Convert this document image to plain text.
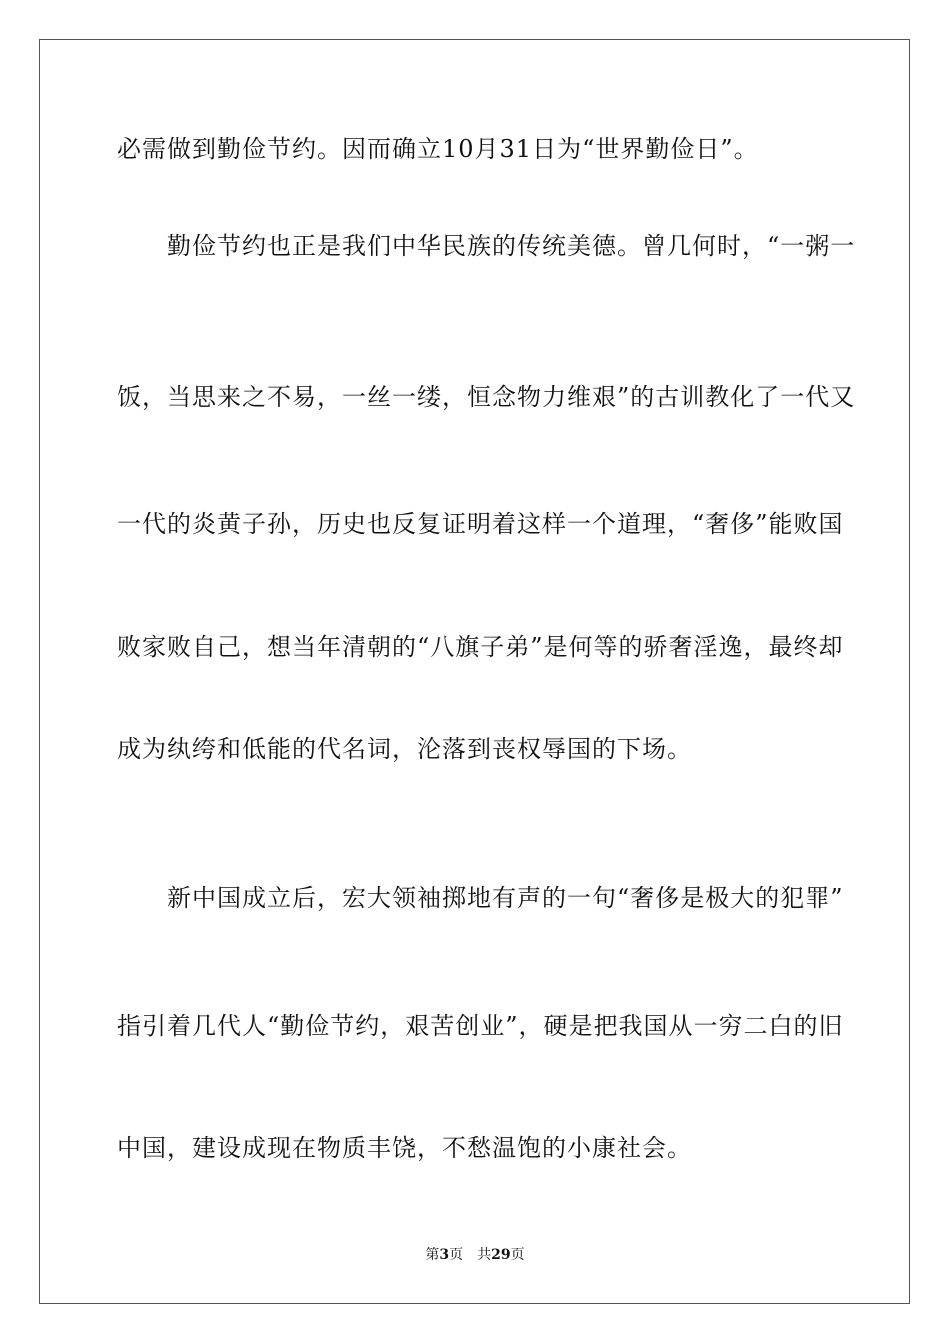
必需做到勤俭节约。因而确立10月31日为“世界勤俭日”。
　　勤俭节约也正是我们中华民族的传统美德。曾几何时，“一粥一
饭，当思来之不易，一丝一缕，恒念物力维艰”的古训教化了一代又
一代的炎黄子孙，历史也反复证明着这样一个道理，“奢侈”能败国
败家败自己，想当年清朝的“八旗子弟”是何等的骄奢淫逸，最终却
成为纨绔和低能的代名词，沦落到丧权辱国的下场。
　　新中国成立后，宏大领袖掷地有声的一句“奢侈是极大的犯罪”
指引着几代人“勤俭节约，艰苦创业”，硬是把我国从一穷二白的旧
中国，建设成现在物质丰饶，不愁温饱的小康社会。
第3页　共29页
